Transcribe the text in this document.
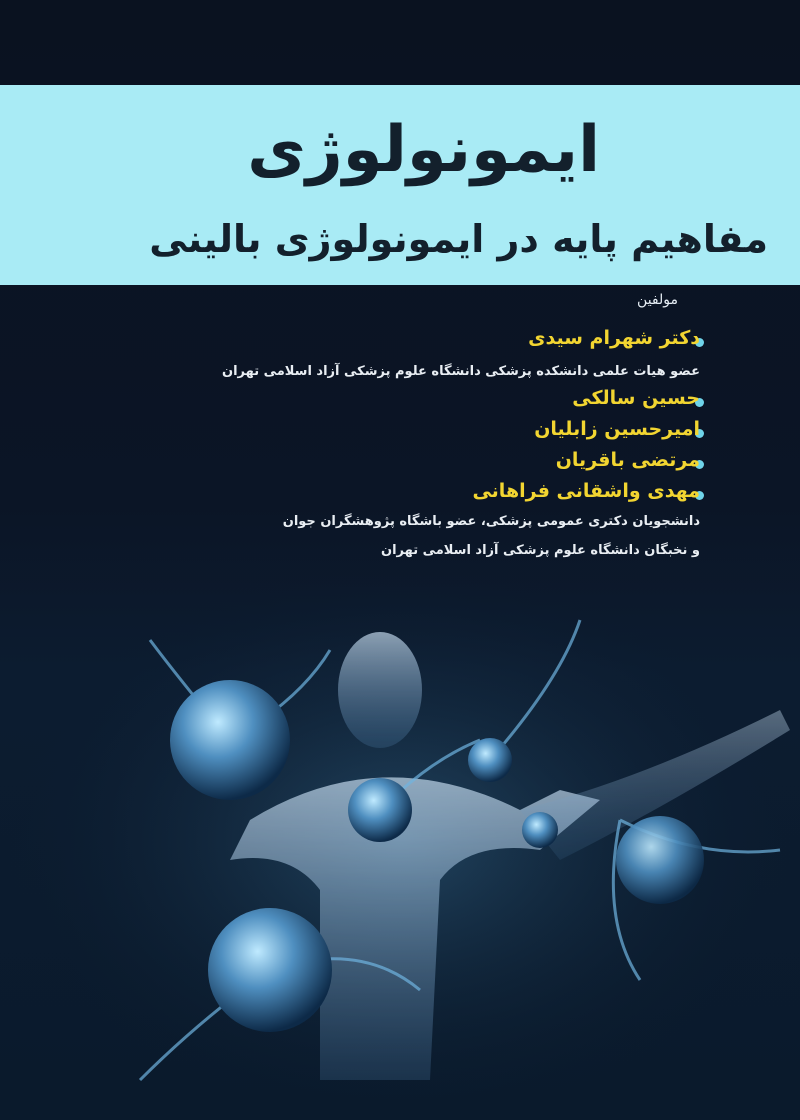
ایمونولوژی
مفاهیم پایه در ایمونولوژی بالینی
مولفین
دکتر شهرام سیدی
عضو هیات علمی دانشکده پزشکی دانشگاه علوم پزشکی آزاد اسلامی تهران
حسین سالکی
امیرحسین زابلیان
مرتضی باقریان
مهدی واشقانی فراهانی
دانشجویان دکتری عمومی پزشکی، عضو باشگاه پژوهشگران جوان
و نخبگان دانشگاه علوم پزشکی آزاد اسلامی تهران
